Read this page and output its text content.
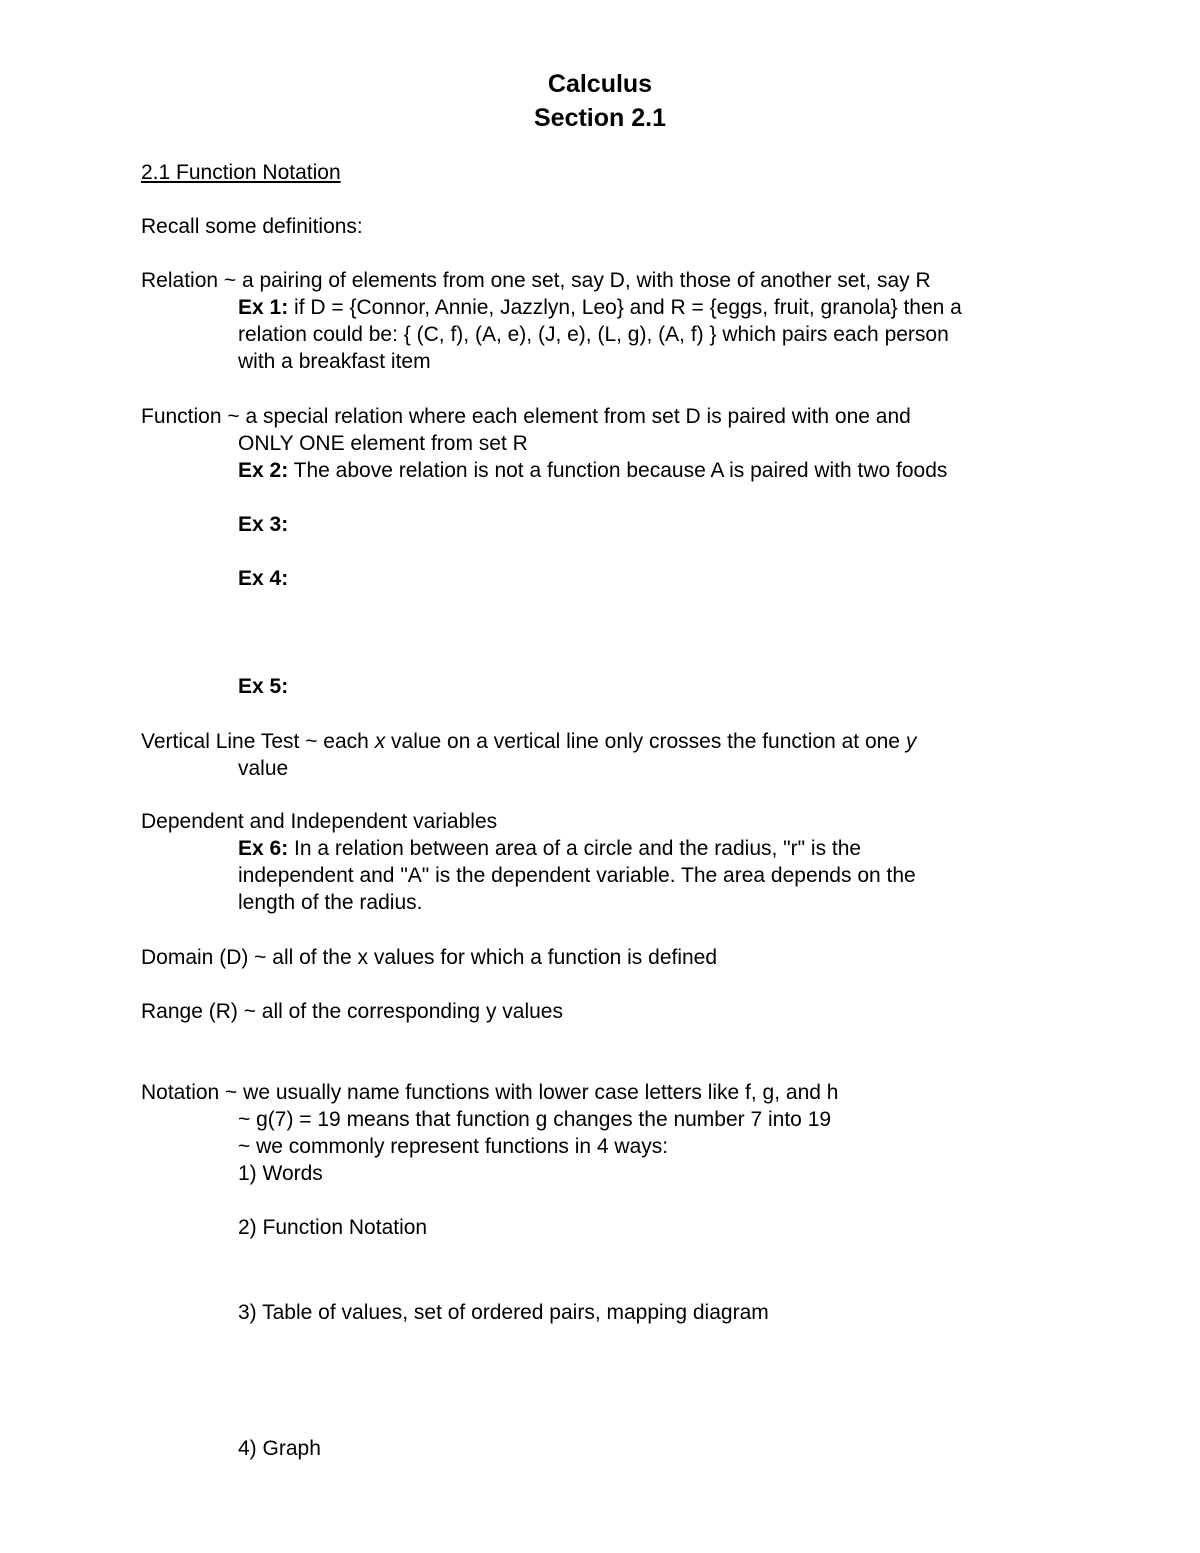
Calculus
Section 2.1
2.1 Function Notation
Recall some definitions:
Relation ~ a pairing of elements from one set, say D, with those of another set, say R
Ex 1: if D = {Connor, Annie, Jazzlyn, Leo} and R = {eggs, fruit, granola} then a
relation could be: { (C, f), (A, e), (J, e), (L, g), (A, f) } which pairs each person
with a breakfast item
Function ~ a special relation where each element from set D is paired with one and
ONLY ONE element from set R
Ex 2: The above relation is not a function because A is paired with two foods
Ex 3:
Ex 4:
Ex 5:
Vertical Line Test ~ each x value on a vertical line only crosses the function at one y
value
Dependent and Independent variables
Ex 6: In a relation between area of a circle and the radius, "r" is the
independent and "A" is the dependent variable. The area depends on the
length of the radius.
Domain (D) ~ all of the x values for which a function is defined
Range (R) ~ all of the corresponding y values
Notation ~ we usually name functions with lower case letters like f, g, and h
~ g(7) = 19 means that function g changes the number 7 into 19
~ we commonly represent functions in 4 ways:
1) Words
2) Function Notation
3) Table of values, set of ordered pairs, mapping diagram
4) Graph
